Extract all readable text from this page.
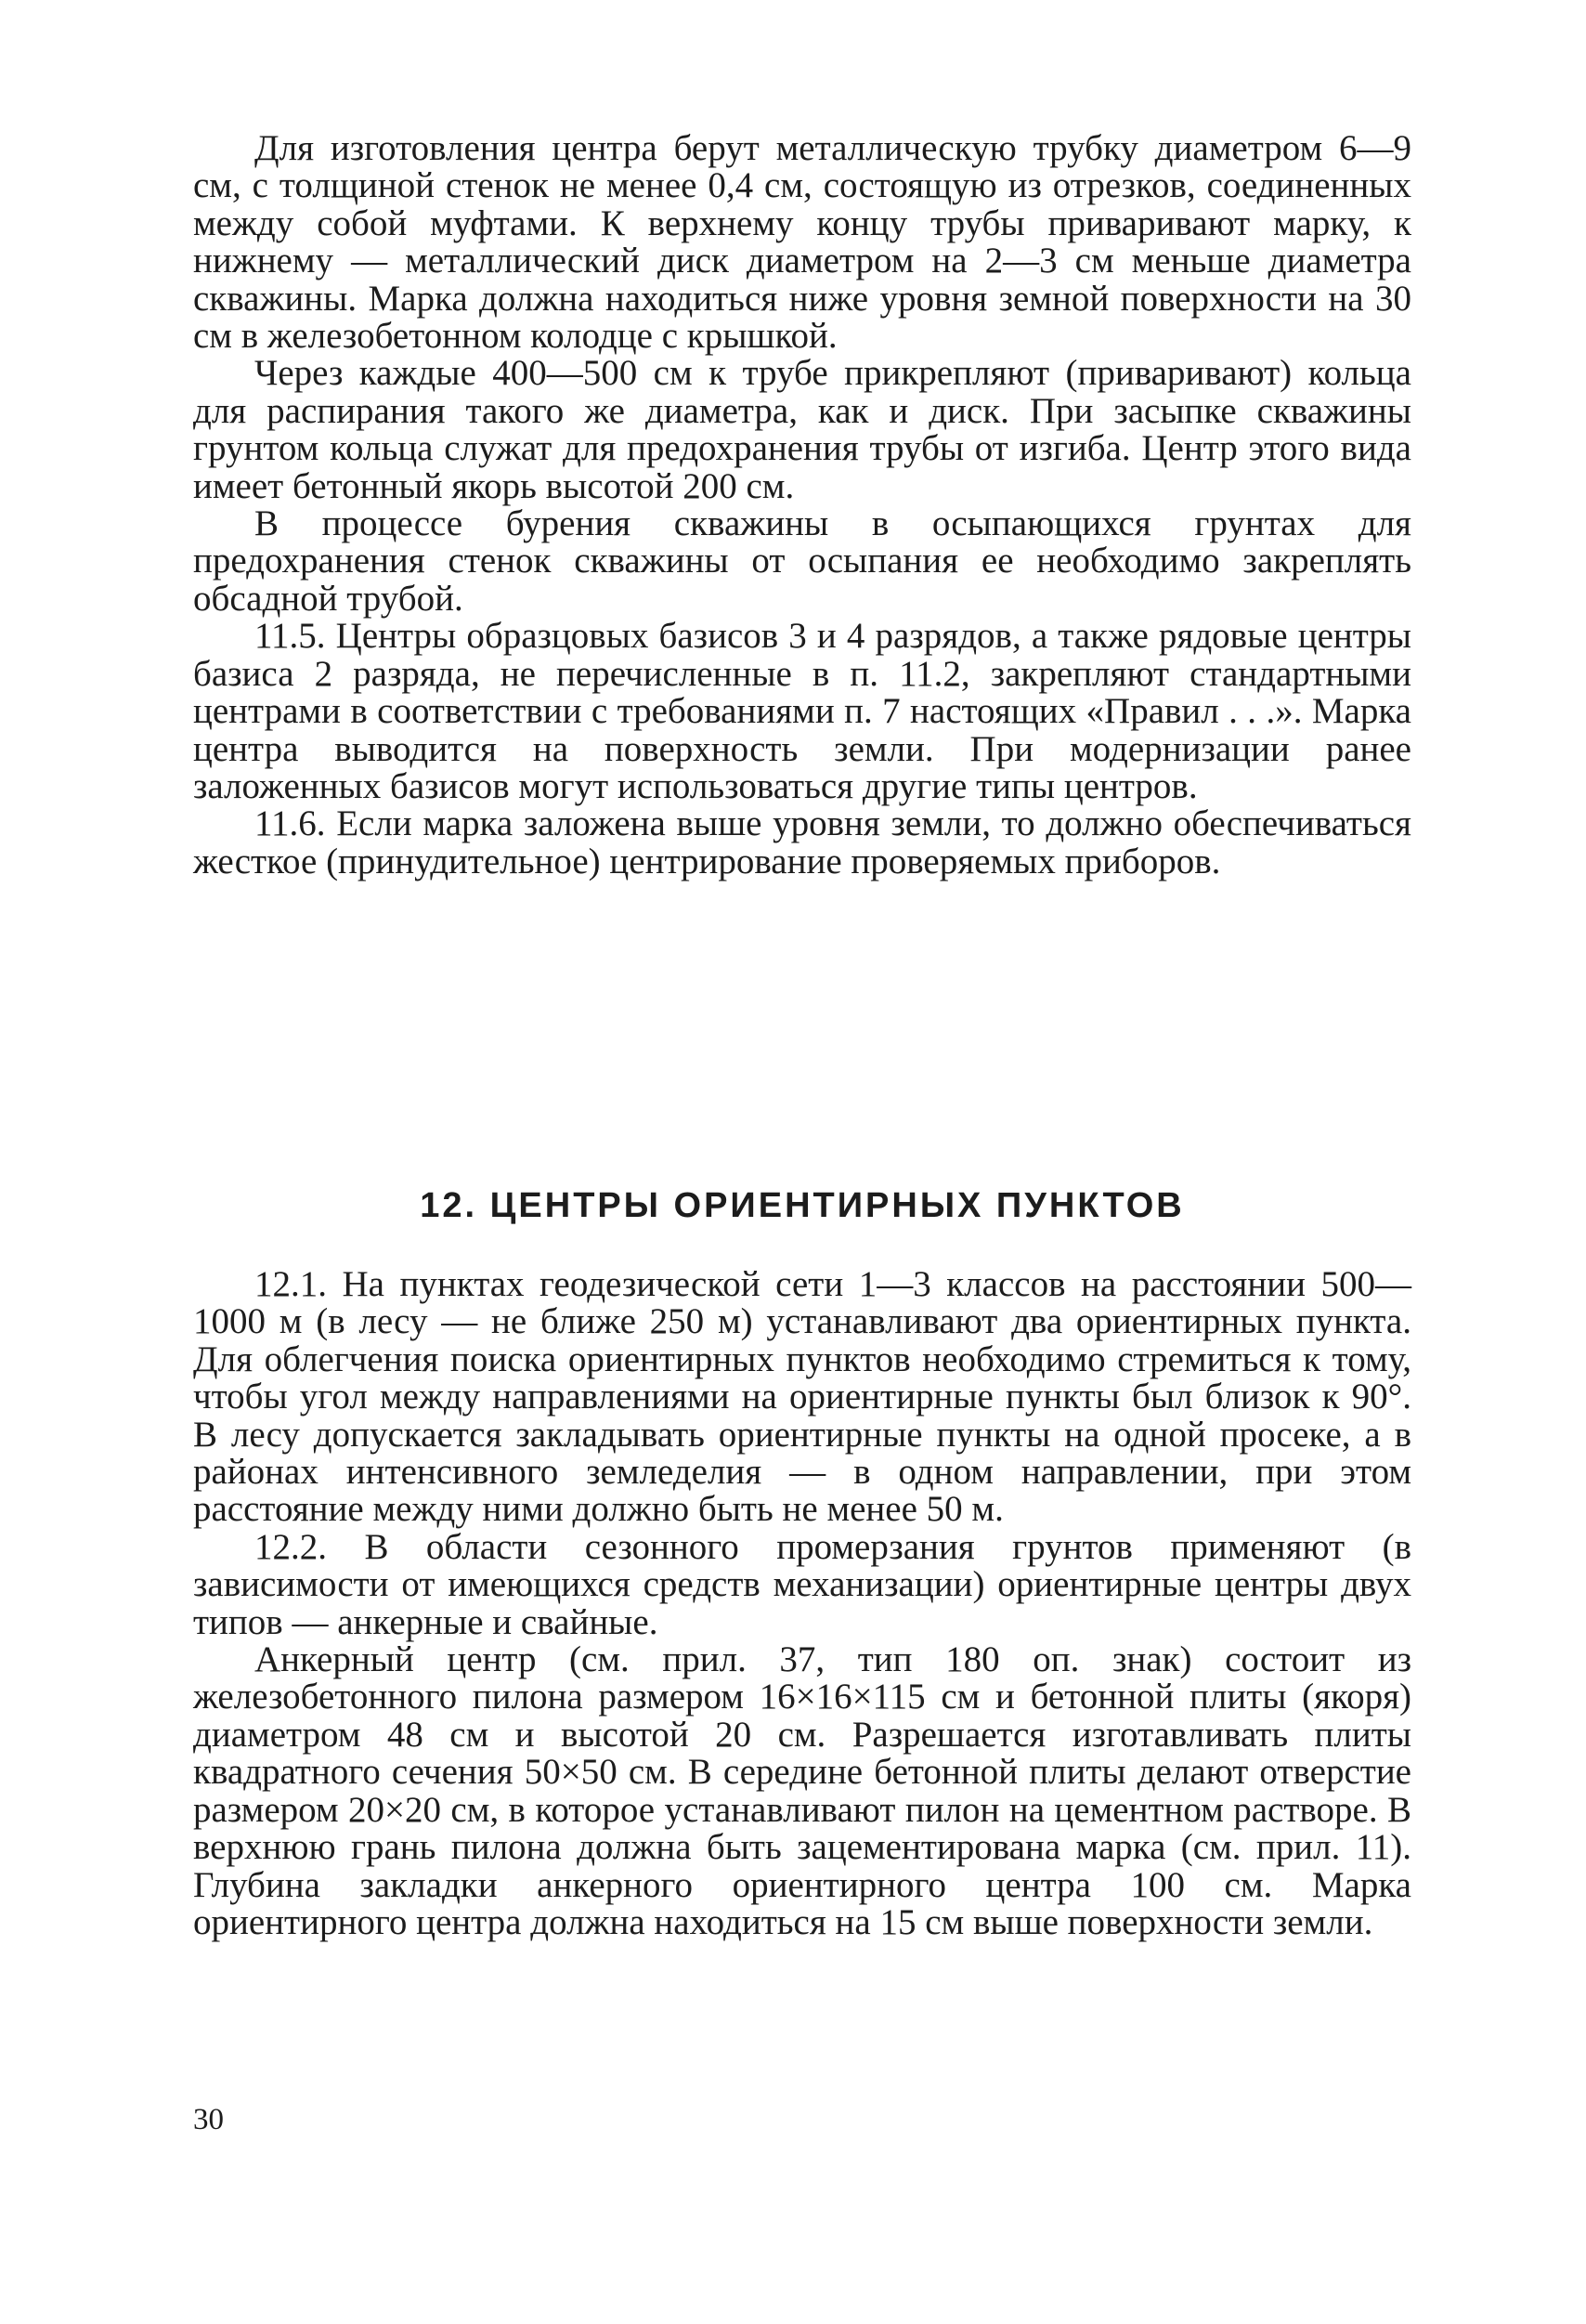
Для изготовления центра берут металлическую трубку диаметром 6—9 см, с толщиной стенок не менее 0,4 см, состоящую из отрезков, соединенных между собой муфтами. К верхнему концу трубы приваривают марку, к нижнему — металлический диск диаметром на 2—3 см меньше диаметра скважины. Марка должна находиться ниже уровня земной поверхности на 30 см в железобетонном колодце с крышкой.

Через каждые 400—500 см к трубе прикрепляют (приваривают) кольца для распирания такого же диаметра, как и диск. При засыпке скважины грунтом кольца служат для предохранения трубы от изгиба. Центр этого вида имеет бетонный якорь высотой 200 см.

В процессе бурения скважины в осыпающихся грунтах для предохранения стенок скважины от осыпания ее необходимо закреплять обсадной трубой.

11.5. Центры образцовых базисов 3 и 4 разрядов, а также рядовые центры базиса 2 разряда, не перечисленные в п. 11.2, закрепляют стандартными центрами в соответствии с требованиями п. 7 настоящих «Правил . . .». Марка центра выводится на поверхность земли. При модернизации ранее заложенных базисов могут использоваться другие типы центров.

11.6. Если марка заложена выше уровня земли, то должно обеспечиваться жесткое (принудительное) центрирование проверяемых приборов.

12. ЦЕНТРЫ ОРИЕНТИРНЫХ ПУНКТОВ

12.1. На пунктах геодезической сети 1—3 классов на расстоянии 500—1000 м (в лесу — не ближе 250 м) устанавливают два ориентирных пункта. Для облегчения поиска ориентирных пунктов необходимо стремиться к тому, чтобы угол между направлениями на ориентирные пункты был близок к 90°. В лесу допускается закладывать ориентирные пункты на одной просеке, а в районах интенсивного земледелия — в одном направлении, при этом расстояние между ними должно быть не менее 50 м.

12.2. В области сезонного промерзания грунтов применяют (в зависимости от имеющихся средств механизации) ориентирные центры двух типов — анкерные и свайные.

Анкерный центр (см. прил. 37, тип 180 оп. знак) состоит из железобетонного пилона размером 16×16×115 см и бетонной плиты (якоря) диаметром 48 см и высотой 20 см. Разрешается изготавливать плиты квадратного сечения 50×50 см. В середине бетонной плиты делают отверстие размером 20×20 см, в которое устанавливают пилон на цементном растворе. В верхнюю грань пилона должна быть зацементирована марка (см. прил. 11). Глубина закладки анкерного ориентирного центра 100 см. Марка ориентирного центра должна находиться на 15 см выше поверхности земли.

30
